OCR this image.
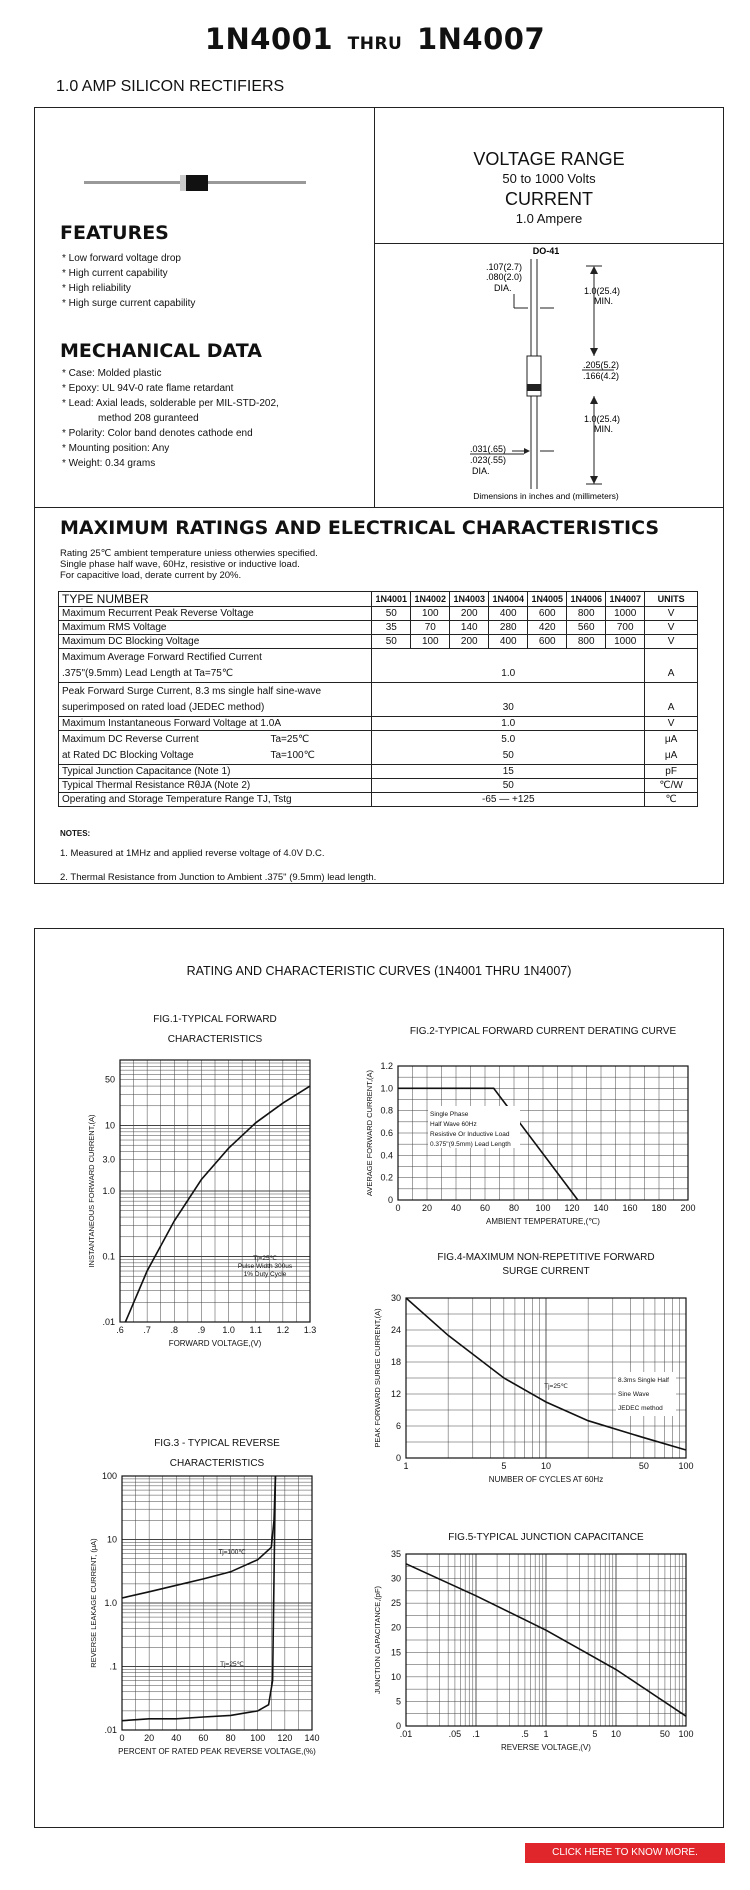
1N4001 THRU 1N4007
1.0 AMP SILICON RECTIFIERS
FEATURES
* Low forward voltage drop
* High current capability
* High reliability
* High surge current capability
MECHANICAL DATA
* Case: Molded plastic
* Epoxy: UL 94V-0 rate flame retardant
* Lead: Axial leads, solderable per MIL-STD-202,
method 208 guranteed
* Polarity: Color band denotes cathode end
* Mounting position: Any
* Weight: 0.34 grams
VOLTAGE RANGE
50 to 1000 Volts
CURRENT
1.0 Ampere
DO-41
.107(2.7)
.080(2.0)
DIA.	1.0(25.4)
MIN.
.205(5.2)
.166(4.2)
1.0(25.4)
MIN.
.031(.65)
.023(.55)
DIA.
Dimensions in inches and (millimeters)
MAXIMUM RATINGS AND ELECTRICAL CHARACTERISTICS
Rating 25℃ ambient temperature uniess otherwies specified.
Single phase half wave, 60Hz, resistive or inductive load.
For capacitive load, derate current by 20%.
TYPE NUMBER	1N4001	1N4002	1N4003	1N4004	1N4005	1N4006	1N4007	UNITS
Maximum Recurrent Peak Reverse Voltage	50	100	200	400	600	800	1000	V
Maximum RMS Voltage	35	70	140	280	420	560	700	V
Maximum DC Blocking Voltage	50	100	200	400	600	800	1000	V
Maximum Average Forward Rectified Current								
.375"(9.5mm) Lead Length at Ta=75℃	1.0							A
Peak Forward Surge Current, 8.3 ms single half sine-wave								
superimposed on rated load (JEDEC method)	30							A
Maximum Instantaneous Forward Voltage at 1.0A	1.0							V
Maximum DC Reverse Current Ta=25℃	5.0							μA
at Rated DC Blocking Voltage Ta=100℃	50							μA
Typical Junction Capacitance (Note 1)	15							pF
Typical Thermal Resistance RθJA (Note 2)	50							℃/W
Operating and Storage Temperature Range TJ, Tstg	-65 — +125							℃
NOTES:
1. Measured at 1MHz and applied reverse voltage of 4.0V D.C.
2. Thermal Resistance from Junction to Ambient .375" (9.5mm) lead length.
RATING AND CHARACTERISTIC CURVES (1N4001 THRU 1N4007)
.6 .7 .8 .9 1.0 1.1 1.2 1.3
.01
0.1
1.0
3.0
10
50
FORWARD VOLTAGE,(V)
INSTANTANEOUS FORWARD CURRENT,(A)
FIG.1-TYPICAL FORWARD
CHARACTERISTICS
Tj=25℃
Pulse Width 300us
1% Duty Cycle
0 20 40 60 80 100 120 140 160 180 200
0
0.2
0.4
0.6
0.8
1.0
1.2
AMBIENT TEMPERATURE,(℃)
AVERAGE FORWARD CURRENT,(A)
FIG.2-TYPICAL FORWARD CURRENT DERATING CURVE
Single Phase
Half Wave 60Hz
Resistive Or Inductive Load
0.375"(9.5mm) Lead Length
0 20 40 60 80 100 120 140
.01
.1
1.0
10
100
PERCENT OF RATED PEAK REVERSE VOLTAGE,(%)
REVERSE LEAKAGE CURRENT, (μA)
FIG.3 - TYPICAL REVERSE
CHARACTERISTICS
Tj=100℃
Tj=25℃
1	5	10	50	100
0
6
12
18
24
30
NUMBER OF CYCLES AT 60Hz
PEAK FORWARD SURGE CURRENT,(A)
FIG.4-MAXIMUM NON-REPETITIVE FORWARD
SURGE CURRENT
Tj=25℃
8.3ms Single Half
Sine Wave
JEDEC method
.01	.05 .1	.5 1	5 10	50 100
0
5
10
15
20
25
30
35
REVERSE VOLTAGE,(V)
JUNCTION CAPACITANCE,(pF)
FIG.5-TYPICAL JUNCTION CAPACITANCE
CLICK HERE TO KNOW MORE.
